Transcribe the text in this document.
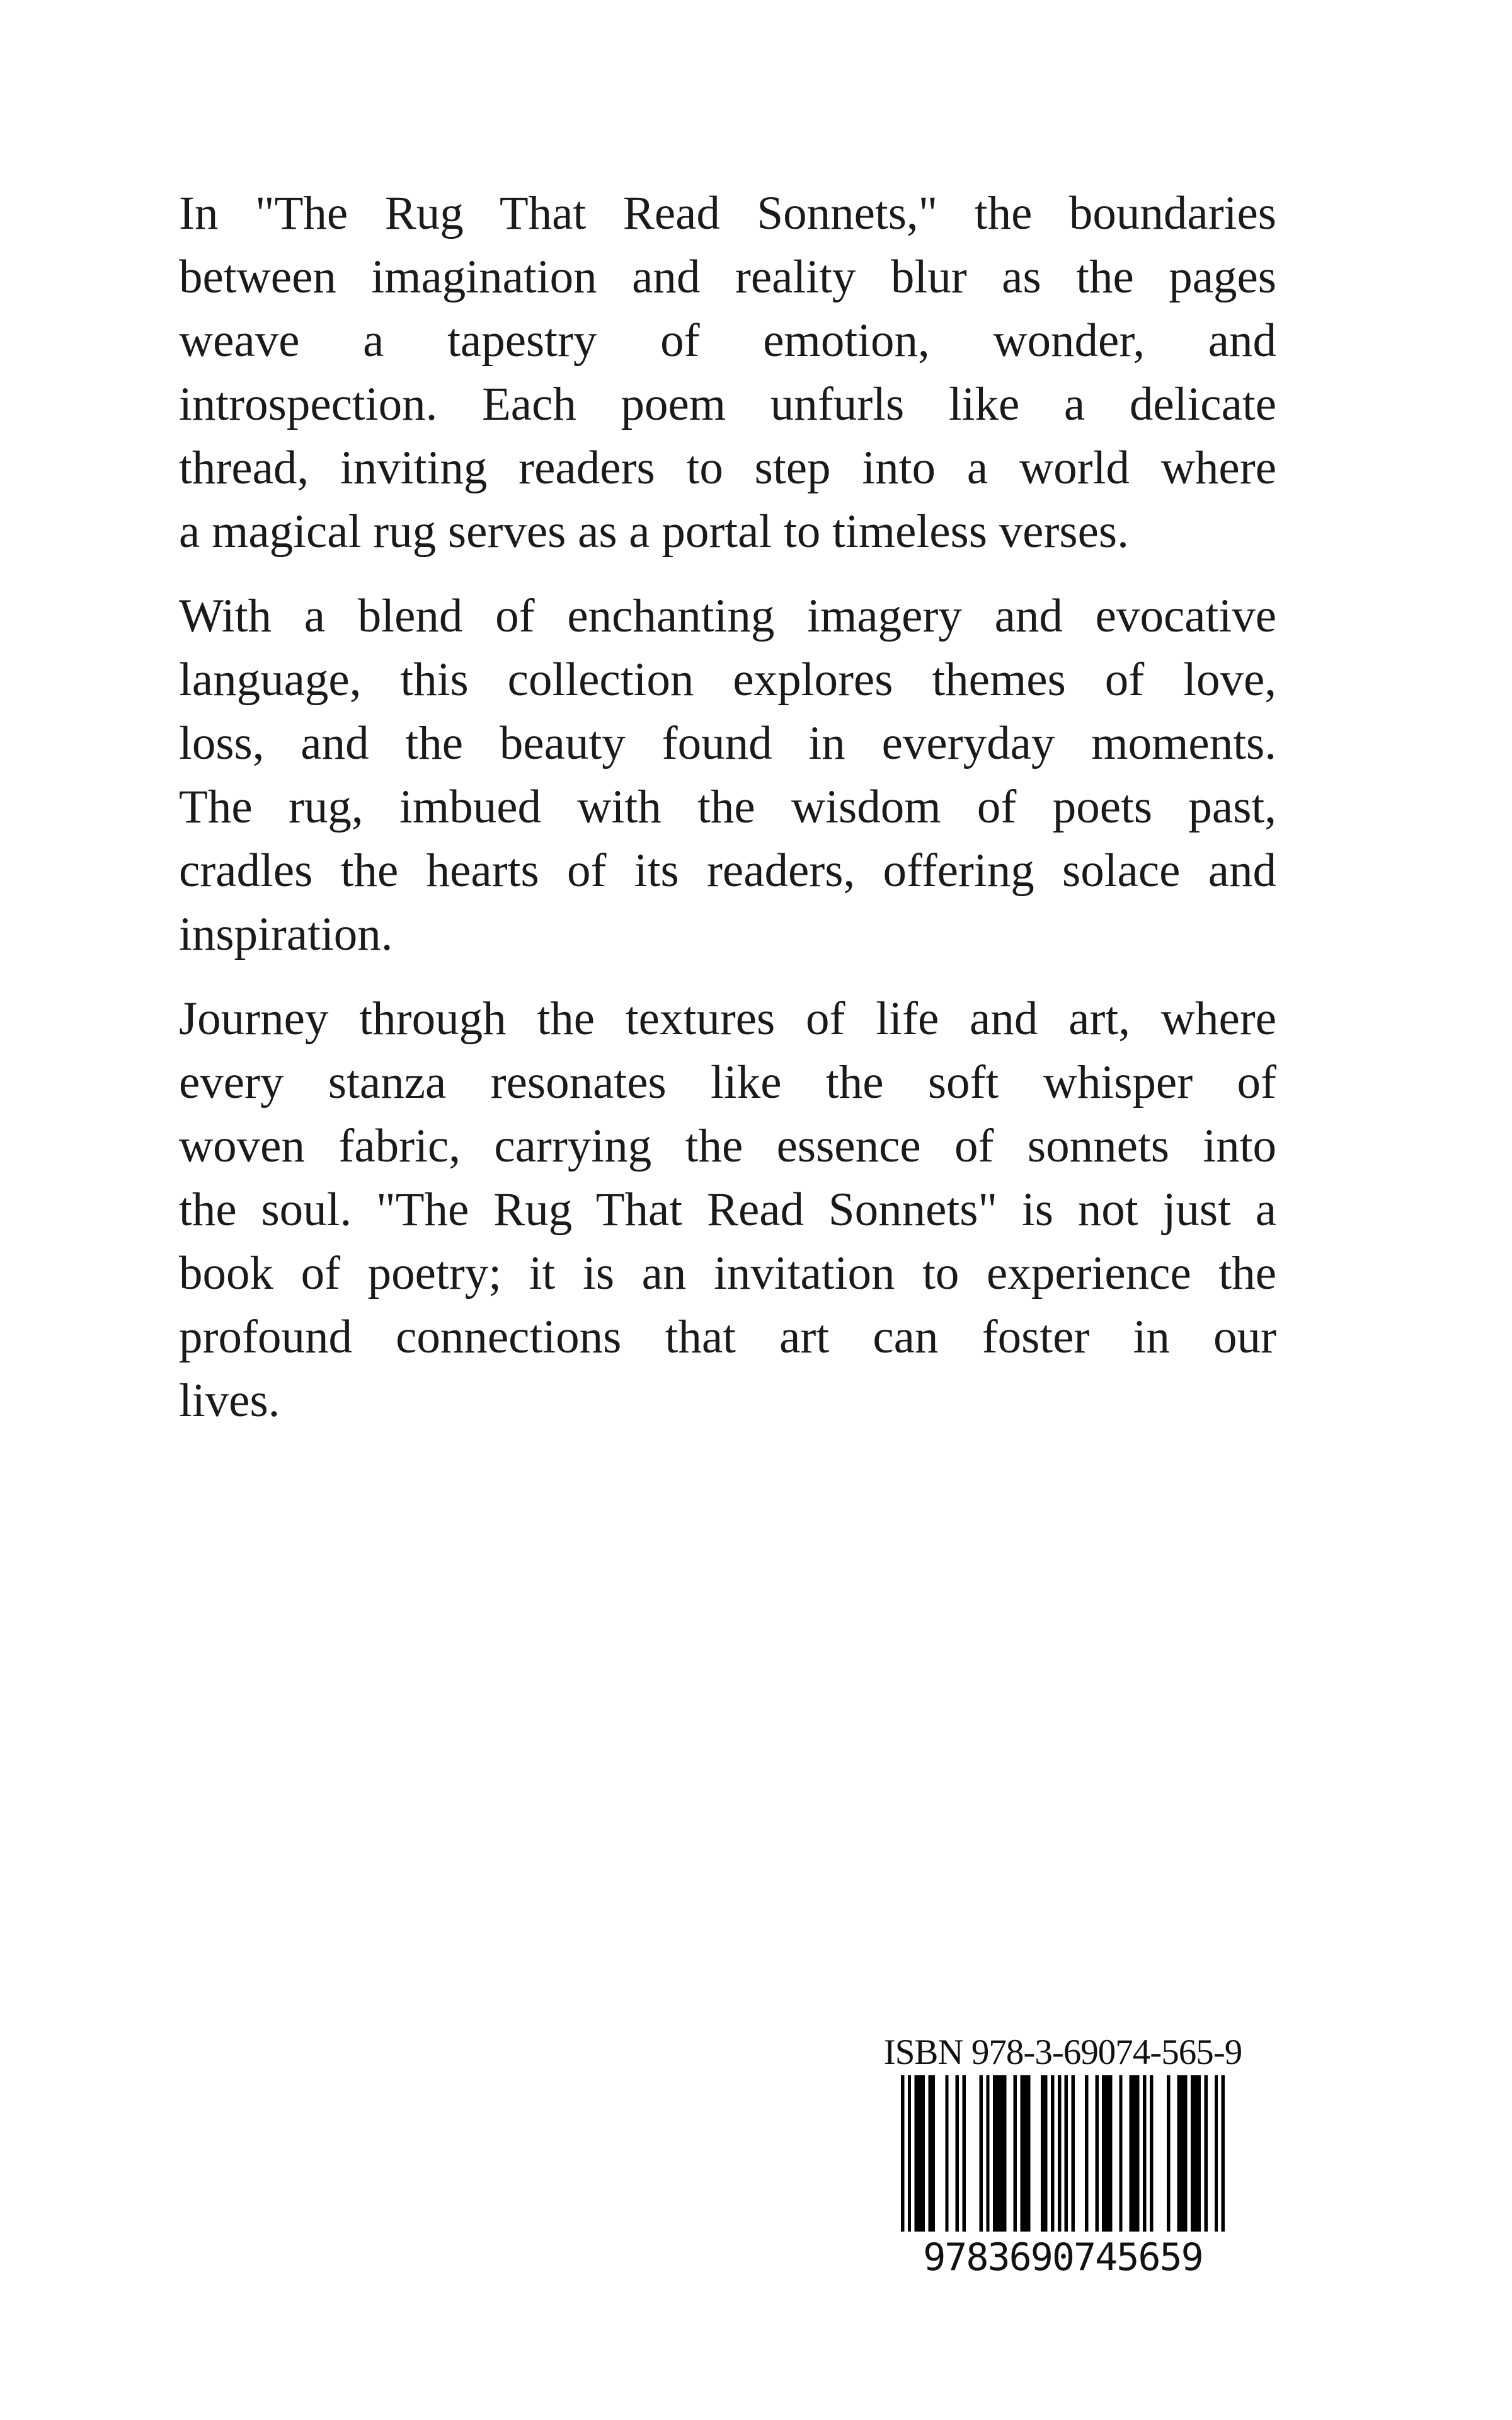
In "The Rug That Read Sonnets," the boundaries
between imagination and reality blur as the pages
weave a tapestry of emotion, wonder, and
introspection. Each poem unfurls like a delicate
thread, inviting readers to step into a world where
a magical rug serves as a portal to timeless verses.
With a blend of enchanting imagery and evocative
language, this collection explores themes of love,
loss, and the beauty found in everyday moments.
The rug, imbued with the wisdom of poets past,
cradles the hearts of its readers, offering solace and
inspiration.
Journey through the textures of life and art, where
every stanza resonates like the soft whisper of
woven fabric, carrying the essence of sonnets into
the soul. "The Rug That Read Sonnets" is not just a
book of poetry; it is an invitation to experience the
profound connections that art can foster in our
lives.
ISBN 978-3-69074-565-9
9783690745659
